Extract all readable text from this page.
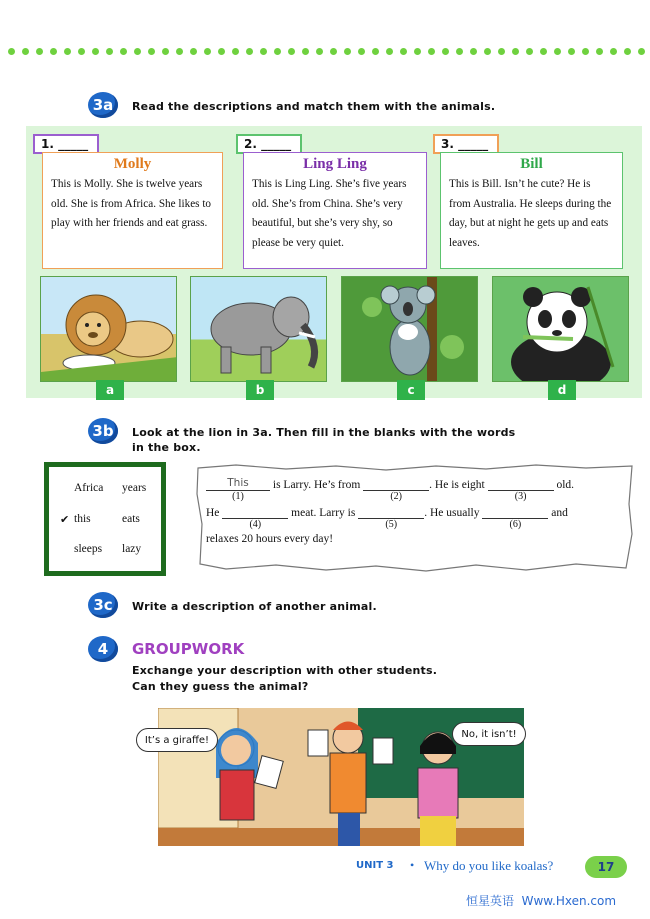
3a	Read the descriptions and match them with the animals.
1. _____
Molly
This is Molly. She is twelve years old. She is from Africa. She likes to play with her friends and eat grass.
2. _____
Ling Ling
This is Ling Ling. She’s five years old. She’s from China. She’s very beautiful, but she’s very shy, so please be very quiet.
3. _____
Bill
This is Bill. Isn’t he cute? He is from Australia. He sleeps during the day, but at night he gets up and eats leaves.
a	b	c	d
3b	Look at the lion in 3a. Then fill in the blanks with the words
in the box.
Africa years
✔ this	eats
sleeps lazy
This
(1)
is Larry. He’s from
(2)
. He is eight
(3)
old.
He
(4)
meat. Larry is
(5)
. He usually
(6)
and
relaxes 20 hours every day!
3c	Write a description of another animal.
4	GROUPWORK
Exchange your description with other students.
Can they guess the animal?
It’s a giraffe!
No, it isn’t!
UNIT 3 • Why do you like koalas?	17
恒星英语  Www.Hxen.com
